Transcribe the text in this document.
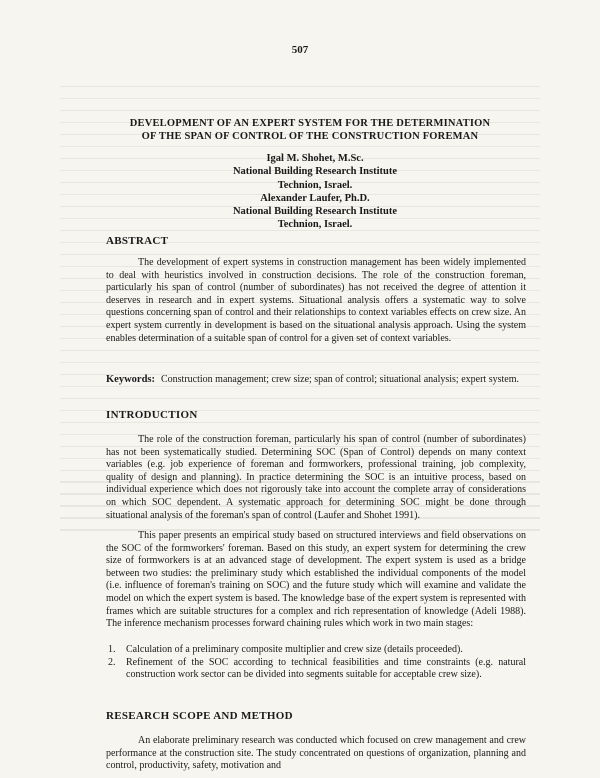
507
DEVELOPMENT OF AN EXPERT SYSTEM FOR THE DETERMINATION
OF THE SPAN OF CONTROL OF THE CONSTRUCTION FOREMAN
Igal M. Shohet, M.Sc.
National Building Research Institute
Technion, Israel.
Alexander Laufer, Ph.D.
National Building Research Institute
Technion, Israel.
ABSTRACT

The development of expert systems in construction management has been widely implemented to deal with heuristics involved in construction decisions. The role of the construction foreman, particularly his span of control (number of subordinates) has not received the degree of attention it deserves in research and in expert systems. Situational analysis offers a systematic way to solve questions concerning span of control and their relationships to context variables effects on crew size. An expert system currently in development is based on the situational analysis approach. Using the system enables determination of a suitable span of control for a given set of context variables.

Keywords: Construction management; crew size; span of control; situational analysis; expert system.
INTRODUCTION

The role of the construction foreman, particularly his span of control (number of subordinates) has not been systematically studied. Determining SOC (Span of Control) depends on many context variables (e.g. job experience of foreman and formworkers, professional training, job complexity, quality of design and planning). In practice determining the SOC is an intuitive process, based on individual experience which does not rigorously take into account the complete array of considerations on which SOC dependent. A systematic approach for determining SOC might be done through situational analysis of the foreman's span of control (Laufer and Shohet 1991).

This paper presents an empirical study based on structured interviews and field observations on the SOC of the formworkers' foreman. Based on this study, an expert system for determining the crew size of formworkers is at an advanced stage of development. The expert system is used as a bridge between two studies: the preliminary study which established the individual components of the model (i.e. influence of foreman's training on SOC) and the future study which will examine and validate the model on which the expert system is based. The knowledge base of the expert system is represented with frames which are suitable structures for a complex and rich representation of knowledge (Adeli 1988). The inference mechanism processes forward chaining rules which work in two main stages:

1. Calculation of a preliminary composite multiplier and crew size (details proceeded).
2. Refinement of the SOC according to technical feasibilities and time constraints (e.g. natural construction work sector can be divided into segments suitable for acceptable crew size).
RESEARCH SCOPE AND METHOD

An elaborate preliminary research was conducted which focused on crew management and crew performance at the construction site. The study concentrated on questions of organization, planning and control, productivity, safety, motivation and
